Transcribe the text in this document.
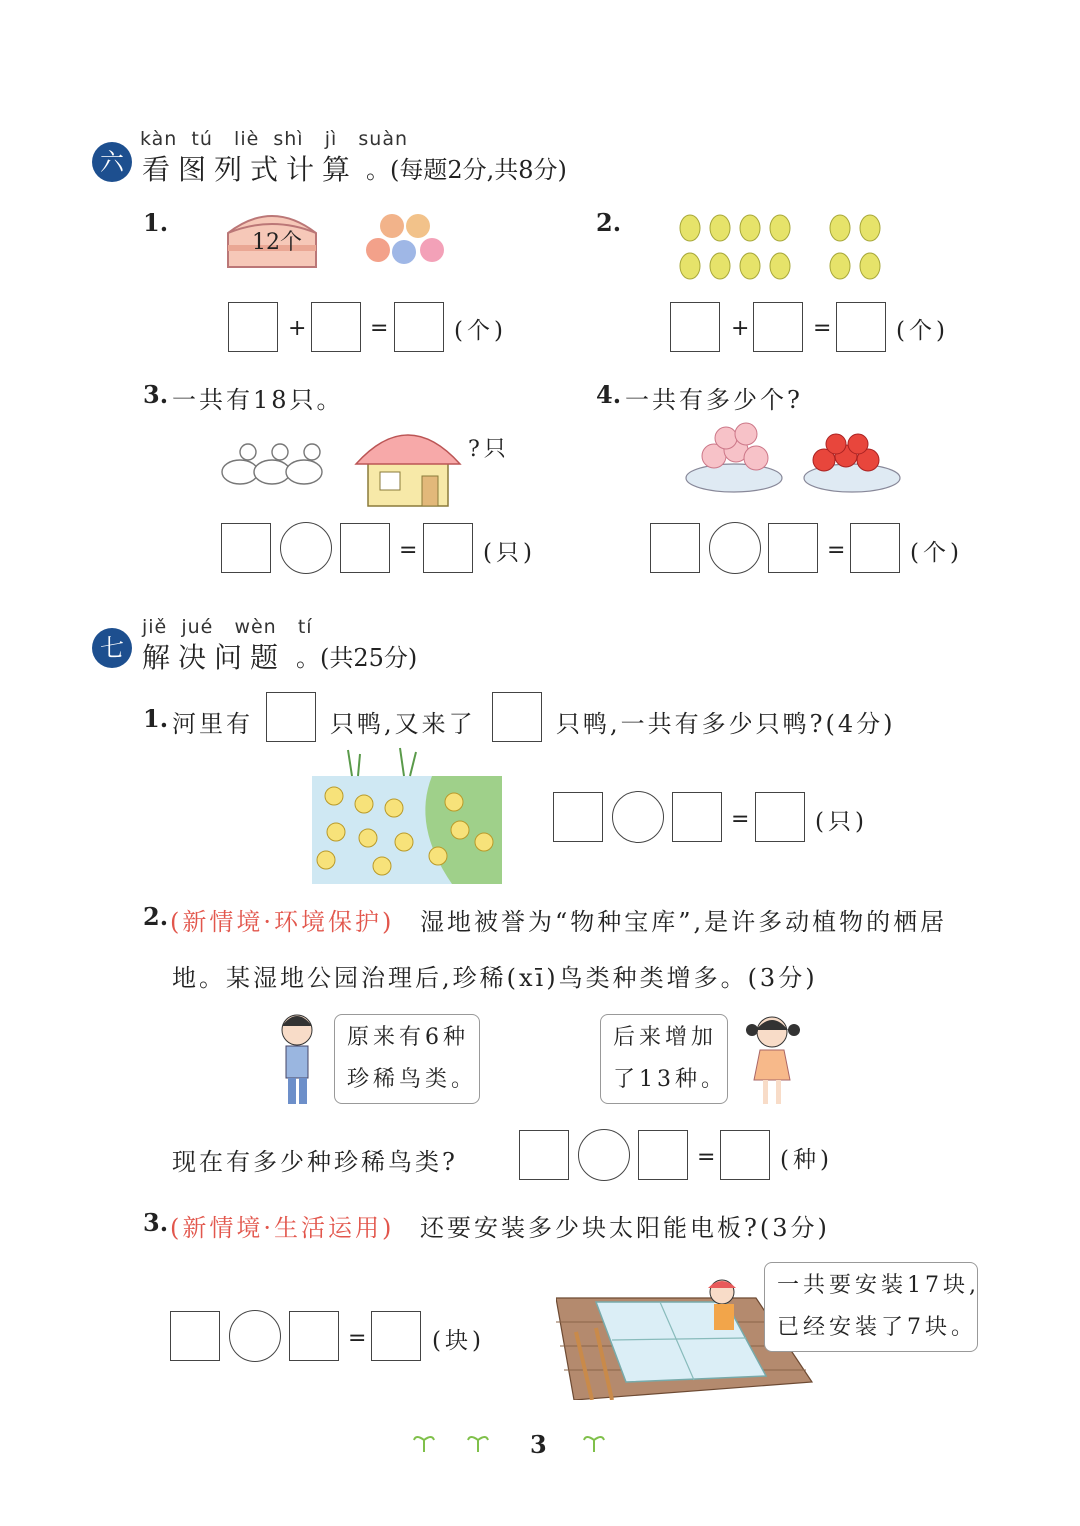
kàn  tú   liè  shì   jì   suàn
六 看图列式计算 。(每题2分,共8分)
1.
12个
+	=	(个)
2.
+	=	(个)
3. 一共有18只。
?只
=	(只)
4. 一共有多少个?
=	(个)
jiě  jué   wèn   tí
七 解决问题 。(共25分)
1. 河里有	只鸭,又来了	只鸭,一共有多少只鸭?(4分)
=	(只)
2. (新情境·环境保护) 湿地被誉为“物种宝库”,是许多动植物的栖居
地。某湿地公园治理后,珍稀(xī)鸟类种类增多。(3分)
原来有6种
珍稀鸟类。
后来增加
了13种。
现在有多少种珍稀鸟类?	=	(种)
3. (新情境·生活运用) 还要安装多少块太阳能电板?(3分)
=	(块)
一共要安装17块,
已经安装了7块。
3
